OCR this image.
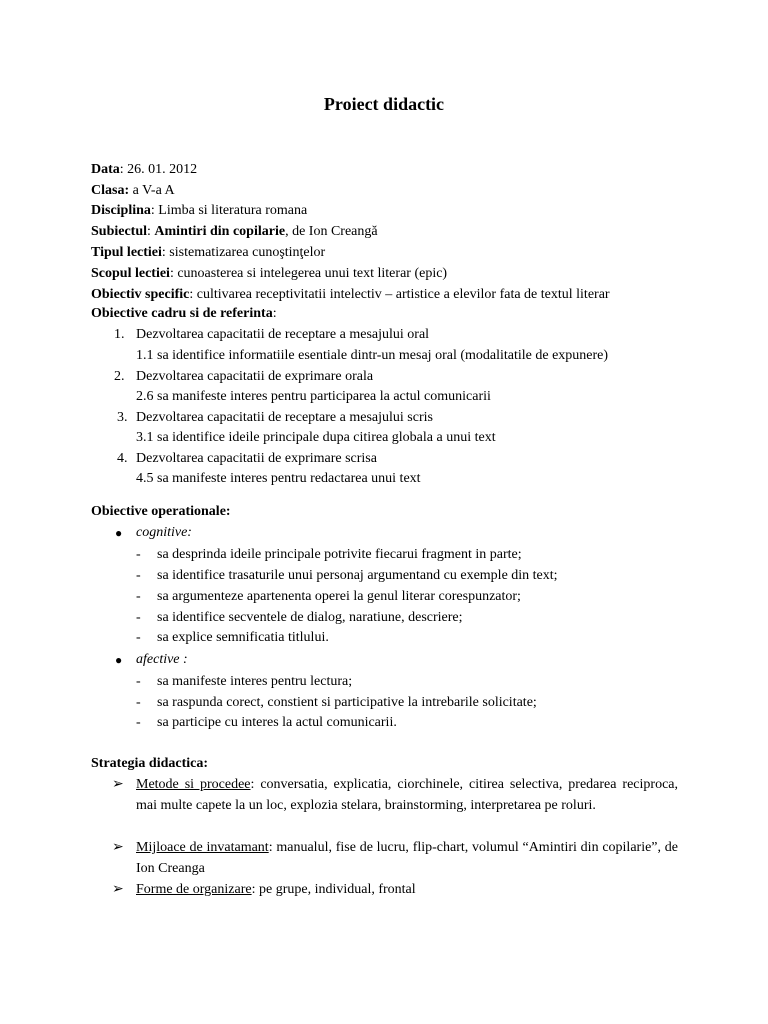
Proiect didactic
Data: 26. 01. 2012
Clasa: a V-a A
Disciplina: Limba si literatura romana
Subiectul: Amintiri din copilarie, de Ion Creangă
Tipul lectiei: sistematizarea cunoştinţelor
Scopul lectiei: cunoasterea si intelegerea unui text literar (epic)
Obiectiv specific: cultivarea receptivitatii intelectiv – artistice a elevilor fata de textul literar
Obiective cadru si de referinta:
1. Dezvoltarea capacitatii de receptare a mesajului oral
1.1 sa identifice informatiile esentiale dintr-un mesaj oral (modalitatile de expunere)
2. Dezvoltarea capacitatii de exprimare orala
2.6 sa manifeste interes pentru participarea la actul comunicarii
3. Dezvoltarea capacitatii de receptare a mesajului scris
3.1 sa identifice ideile principale dupa citirea globala a unui text
4. Dezvoltarea capacitatii de exprimare scrisa
4.5 sa manifeste interes pentru redactarea unui text
Obiective operationale:
● cognitive:
- sa desprinda ideile principale potrivite fiecarui fragment in parte;
- sa identifice trasaturile unui personaj argumentand cu exemple din text;
- sa argumenteze apartenenta operei la genul literar corespunzator;
- sa identifice secventele de dialog, naratiune, descriere;
- sa explice semnificatia titlului.
● afective :
- sa manifeste interes pentru lectura;
- sa raspunda corect, constient si participative la intrebarile solicitate;
- sa participe cu interes la actul comunicarii.
Strategia didactica:
➢ Metode si procedee: conversatia, explicatia, ciorchinele, citirea selectiva, predarea reciproca, mai multe capete la un loc, explozia stelara, brainstorming, interpretarea pe roluri.
➢ Mijloace de invatamant: manualul, fise de lucru, flip-chart, volumul “Amintiri din copilarie”, de Ion Creanga
➢ Forme de organizare: pe grupe, individual, frontal
